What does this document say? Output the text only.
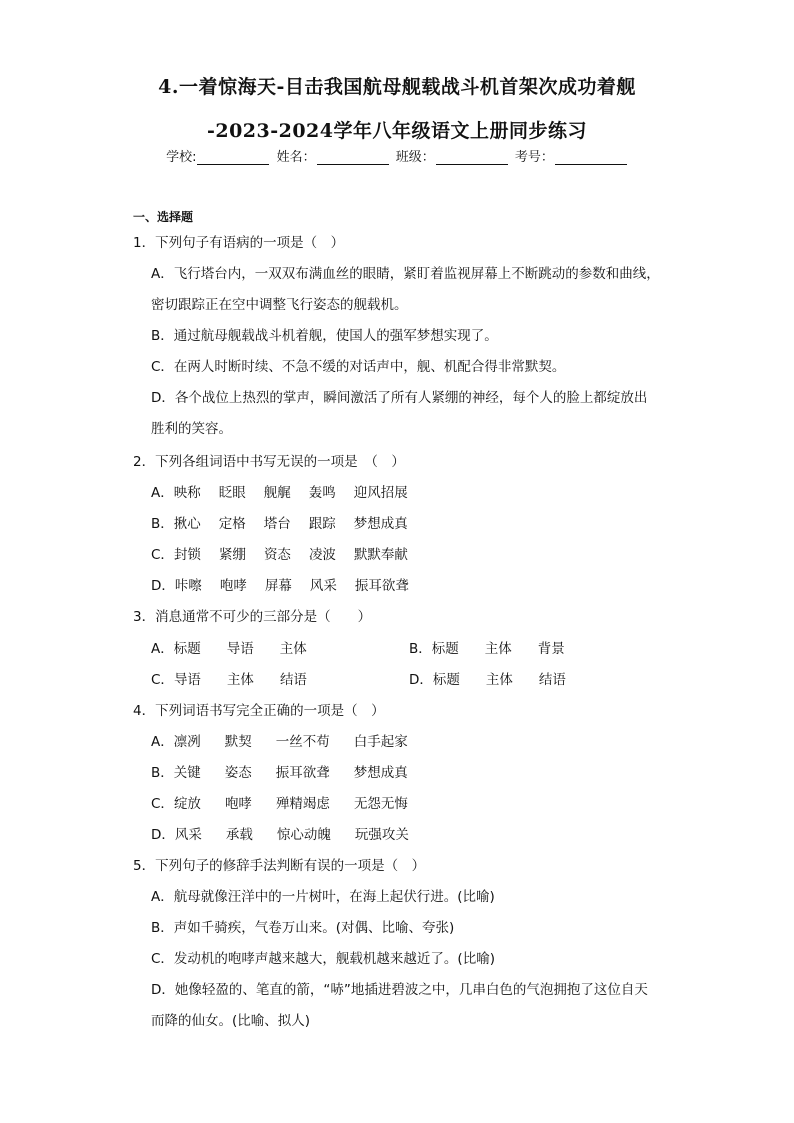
4.一着惊海天-目击我国航母舰载战斗机首架次成功着舰
-2023-2024学年八年级语文上册同步练习
学校:	姓名：	班级：	考号：
一、选择题
1．下列句子有语病的一项是（　）
A．飞行塔台内，一双双布满血丝的眼睛，紧盯着监视屏幕上不断跳动的参数和曲线，
密切跟踪正在空中调整飞行姿态的舰载机。
B．通过航母舰载战斗机着舰，使国人的强军梦想实现了。
C．在两人时断时续、不急不缓的对话声中，舰、机配合得非常默契。
D．各个战位上热烈的掌声，瞬间激活了所有人紧绷的神经，每个人的脸上都绽放出
胜利的笑容。
2．下列各组词语中书写无误的一项是　（　）
A．映称 眨眼 舰艉 轰鸣 迎风招展
B．揪心 定格 塔台 跟踪 梦想成真
C．封锁 紧绷 资态 凌波 默默奉献
D．咔嚓 咆哮 屏幕 风采 振耳欲聋
3．消息通常不可少的三部分是（　　）
A．标题 导语 主体	B．标题 主体 背景
C．导语 主体 结语	D．标题 主体 结语
4．下列词语书写完全正确的一项是（　）
A．凛冽 默契 一丝不苟 白手起家
B．关键 姿态 振耳欲聋 梦想成真
C．绽放 咆哮 殚精竭虑 无怨无悔
D．风采 承载 惊心动魄 玩强攻关
5．下列句子的修辞手法判断有误的一项是（　）
A．航母就像汪洋中的一片树叶，在海上起伏行进。(比喻)
B．声如千骑疾，气卷万山来。(对偶、比喻、夸张)
C．发动机的咆哮声越来越大，舰载机越来越近了。(比喻)
D．她像轻盈的、笔直的箭，“哧”地插进碧波之中，几串白色的气泡拥抱了这位自天
而降的仙女。(比喻、拟人)
